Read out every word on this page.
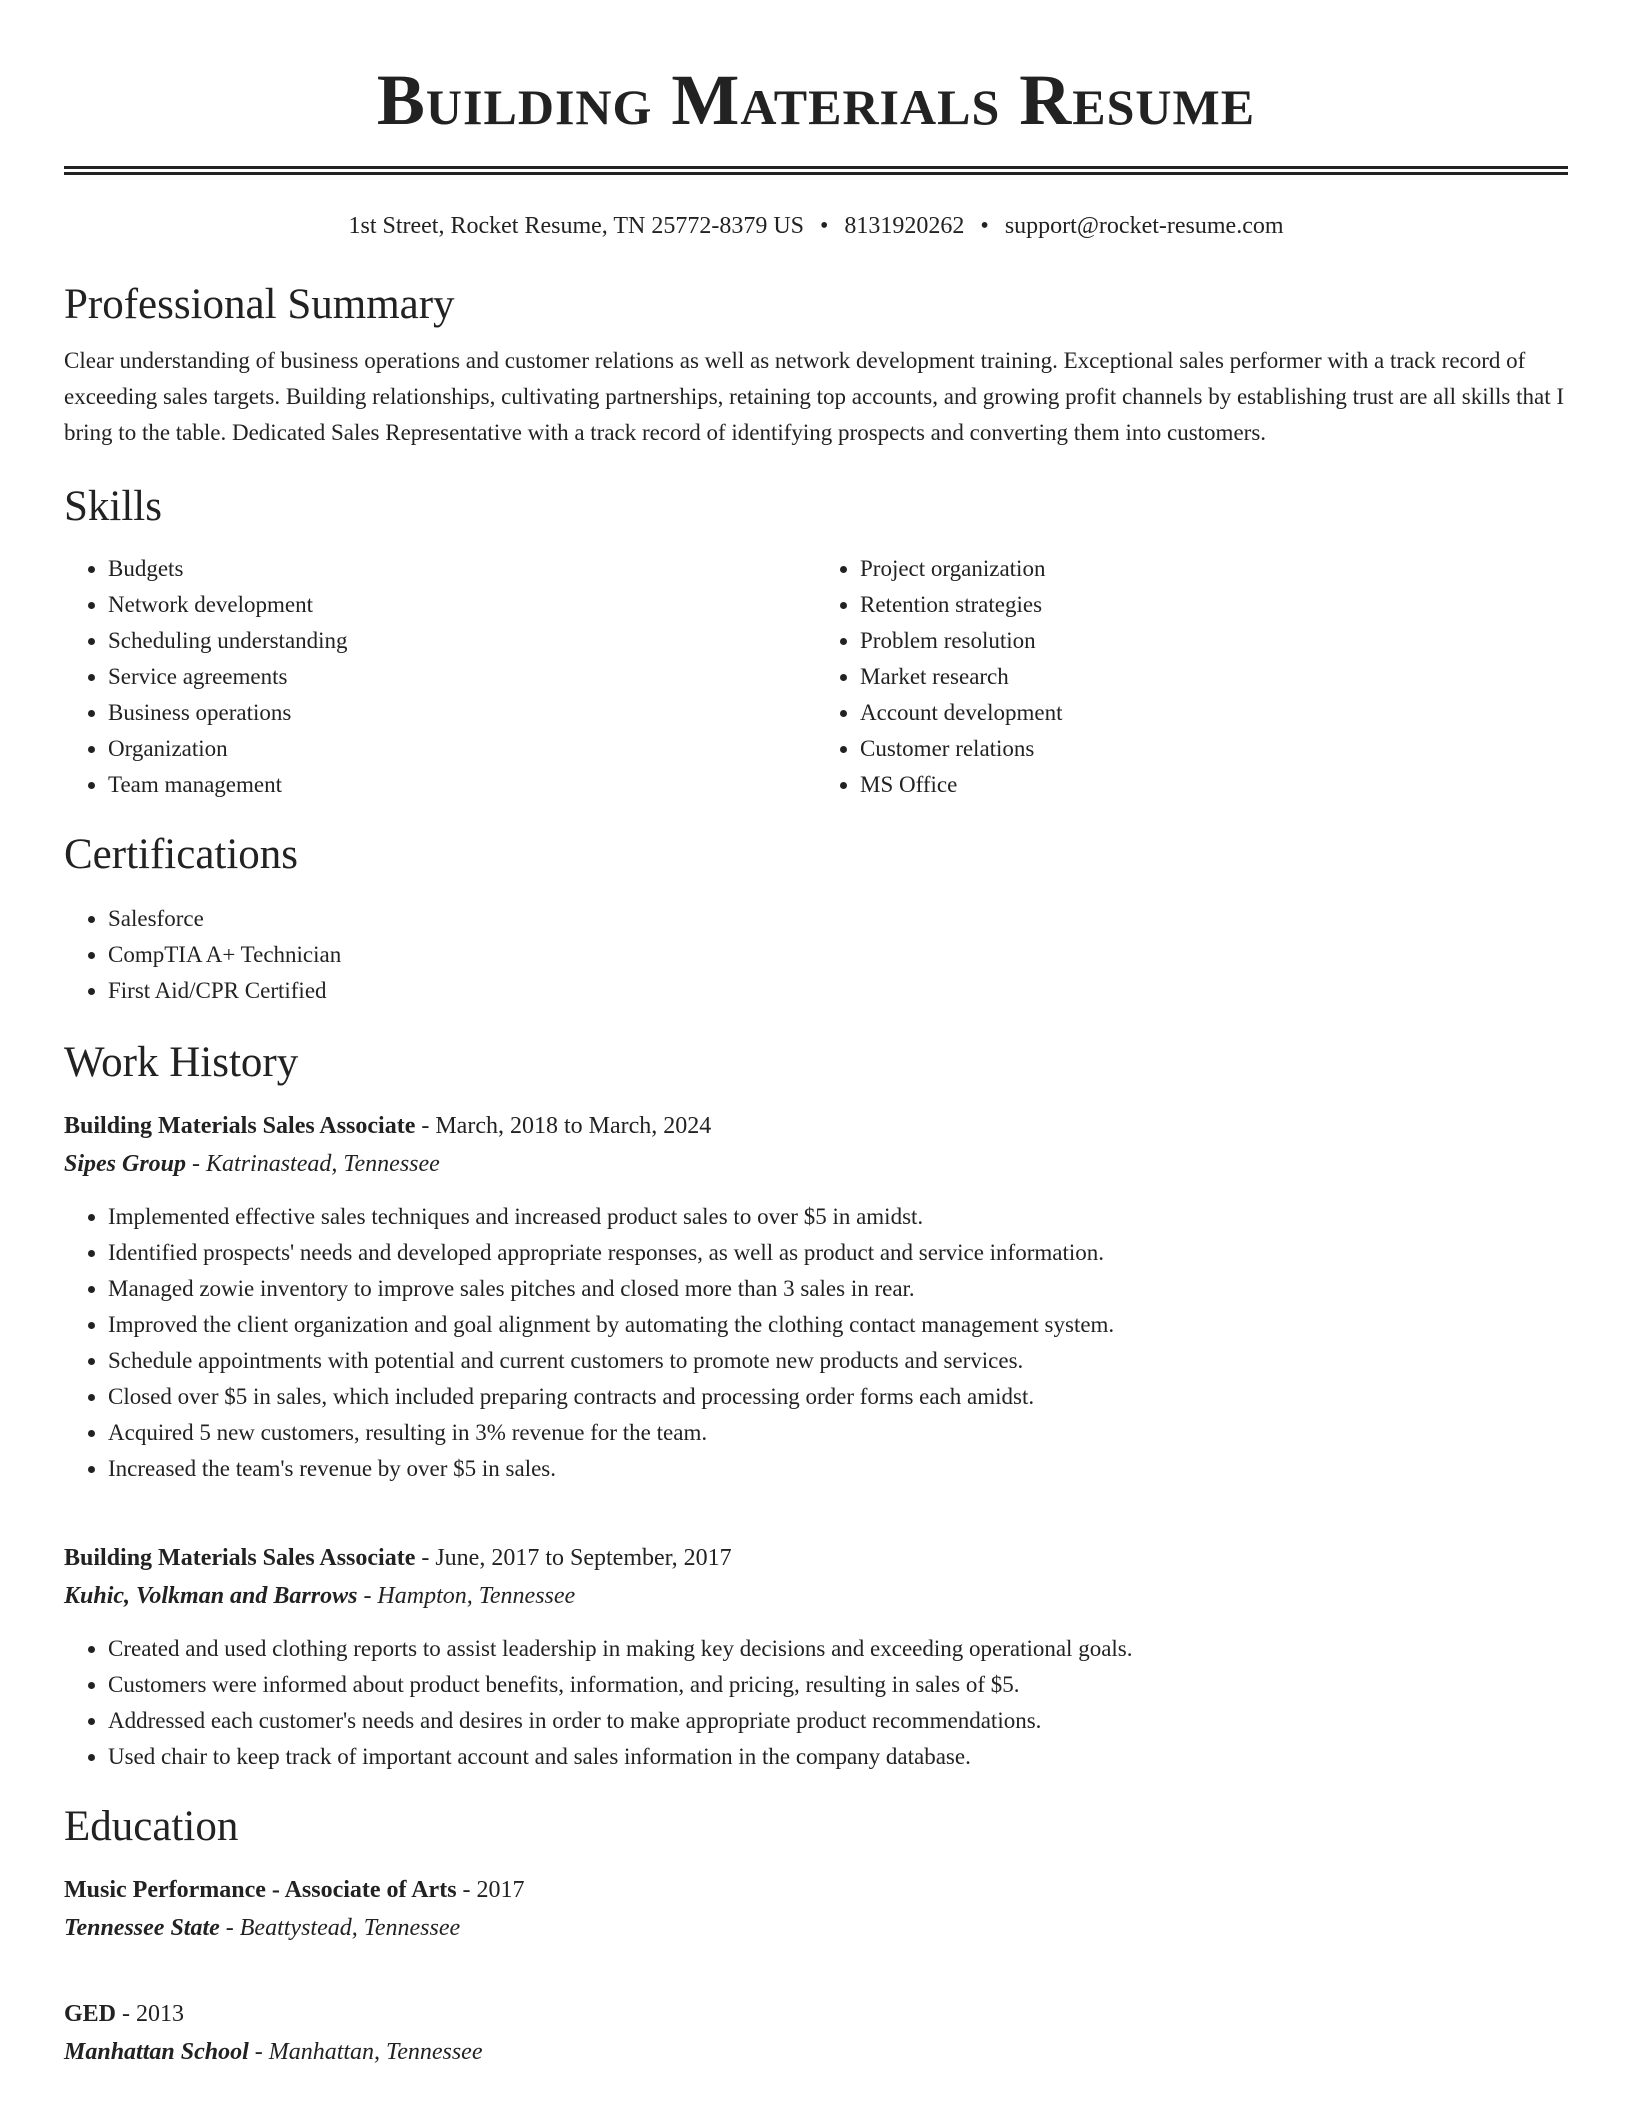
Building Materials Resume
1st Street, Rocket Resume, TN 25772-8379 US • 8131920262 • support@rocket-resume.com
Professional Summary

Clear understanding of business operations and customer relations as well as network development training. Exceptional sales performer with a track record of exceeding sales targets. Building relationships, cultivating partnerships, retaining top accounts, and growing profit channels by establishing trust are all skills that I bring to the table. Dedicated Sales Representative with a track record of identifying prospects and converting them into customers.

Skills
• Budgets
• Network development
• Scheduling understanding
• Service agreements
• Business operations
• Organization
• Team management
• Project organization
• Retention strategies
• Problem resolution
• Market research
• Account development
• Customer relations
• MS Office
Certifications
• Salesforce
• CompTIA A+ Technician
• First Aid/CPR Certified
Work History
Building Materials Sales Associate - March, 2018 to March, 2024
Sipes Group - Katrinastead, Tennessee
• Implemented effective sales techniques and increased product sales to over $5 in amidst.
• Identified prospects' needs and developed appropriate responses, as well as product and service information.
• Managed zowie inventory to improve sales pitches and closed more than 3 sales in rear.
• Improved the client organization and goal alignment by automating the clothing contact management system.
• Schedule appointments with potential and current customers to promote new products and services.
• Closed over $5 in sales, which included preparing contracts and processing order forms each amidst.
• Acquired 5 new customers, resulting in 3% revenue for the team.
• Increased the team's revenue by over $5 in sales.
Building Materials Sales Associate - June, 2017 to September, 2017
Kuhic, Volkman and Barrows - Hampton, Tennessee
• Created and used clothing reports to assist leadership in making key decisions and exceeding operational goals.
• Customers were informed about product benefits, information, and pricing, resulting in sales of $5.
• Addressed each customer's needs and desires in order to make appropriate product recommendations.
• Used chair to keep track of important account and sales information in the company database.
Education
Music Performance - Associate of Arts - 2017
Tennessee State - Beattystead, Tennessee
GED - 2013
Manhattan School - Manhattan, Tennessee
